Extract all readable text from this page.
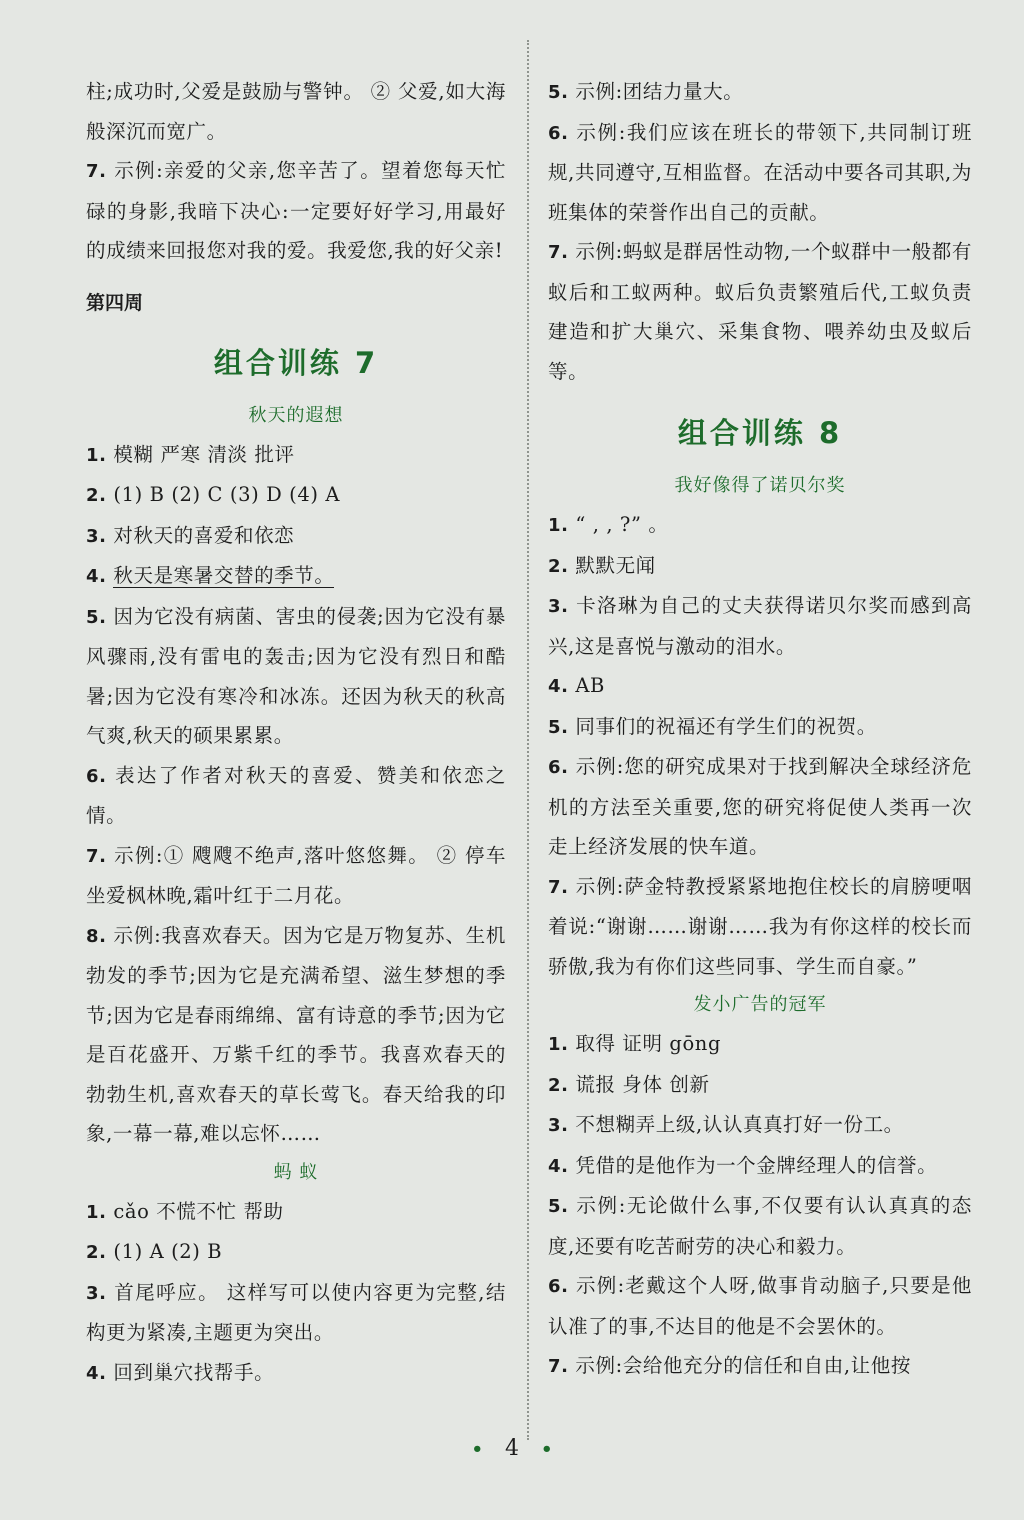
柱;成功时,父爱是鼓励与警钟。 ② 父爱,如大海般深沉而宽广。

7. 示例:亲爱的父亲,您辛苦了。望着您每天忙碌的身影,我暗下决心:一定要好好学习,用最好的成绩来回报您对我的爱。我爱您,我的好父亲!

第四周

组合训练 7
秋天的遐想

1. 模糊 严寒 清淡 批评

2. (1) B (2) C (3) D (4) A

3. 对秋天的喜爱和依恋

4. 秋天是寒暑交替的季节。

5. 因为它没有病菌、害虫的侵袭;因为它没有暴风骤雨,没有雷电的轰击;因为它没有烈日和酷暑;因为它没有寒冷和冰冻。还因为秋天的秋高气爽,秋天的硕果累累。

6. 表达了作者对秋天的喜爱、赞美和依恋之情。

7. 示例:① 飕飕不绝声,落叶悠悠舞。 ② 停车坐爱枫林晚,霜叶红于二月花。

8. 示例:我喜欢春天。因为它是万物复苏、生机勃发的季节;因为它是充满希望、滋生梦想的季节;因为它是春雨绵绵、富有诗意的季节;因为它是百花盛开、万紫千红的季节。我喜欢春天的勃勃生机,喜欢春天的草长莺飞。春天给我的印象,一幕一幕,难以忘怀……

蚂 蚁

1. cǎo 不慌不忙 帮助

2. (1) A (2) B

3. 首尾呼应。 这样写可以使内容更为完整,结构更为紧凑,主题更为突出。

4. 回到巢穴找帮手。

5. 示例:团结力量大。

6. 示例:我们应该在班长的带领下,共同制订班规,共同遵守,互相监督。在活动中要各司其职,为班集体的荣誉作出自己的贡献。

7. 示例:蚂蚁是群居性动物,一个蚁群中一般都有蚁后和工蚁两种。蚁后负责繁殖后代,工蚁负责建造和扩大巢穴、采集食物、喂养幼虫及蚁后等。

组合训练 8
我好像得了诺贝尔奖

1. “ , , ?” 。

2. 默默无闻

3. 卡洛琳为自己的丈夫获得诺贝尔奖而感到高兴,这是喜悦与激动的泪水。

4. AB

5. 同事们的祝福还有学生们的祝贺。

6. 示例:您的研究成果对于找到解决全球经济危机的方法至关重要,您的研究将促使人类再一次走上经济发展的快车道。

7. 示例:萨金特教授紧紧地抱住校长的肩膀哽咽着说:“谢谢……谢谢……我为有你这样的校长而骄傲,我为有你们这些同事、学生而自豪。”

发小广告的冠军

1. 取得 证明 gōng

2. 谎报 身体 创新

3. 不想糊弄上级,认认真真打好一份工。

4. 凭借的是他作为一个金牌经理人的信誉。

5. 示例:无论做什么事,不仅要有认认真真的态度,还要有吃苦耐劳的决心和毅力。

6. 示例:老戴这个人呀,做事肯动脑子,只要是他认准了的事,不达目的他是不会罢休的。

7. 示例:会给他充分的信任和自由,让他按

• 4 •
